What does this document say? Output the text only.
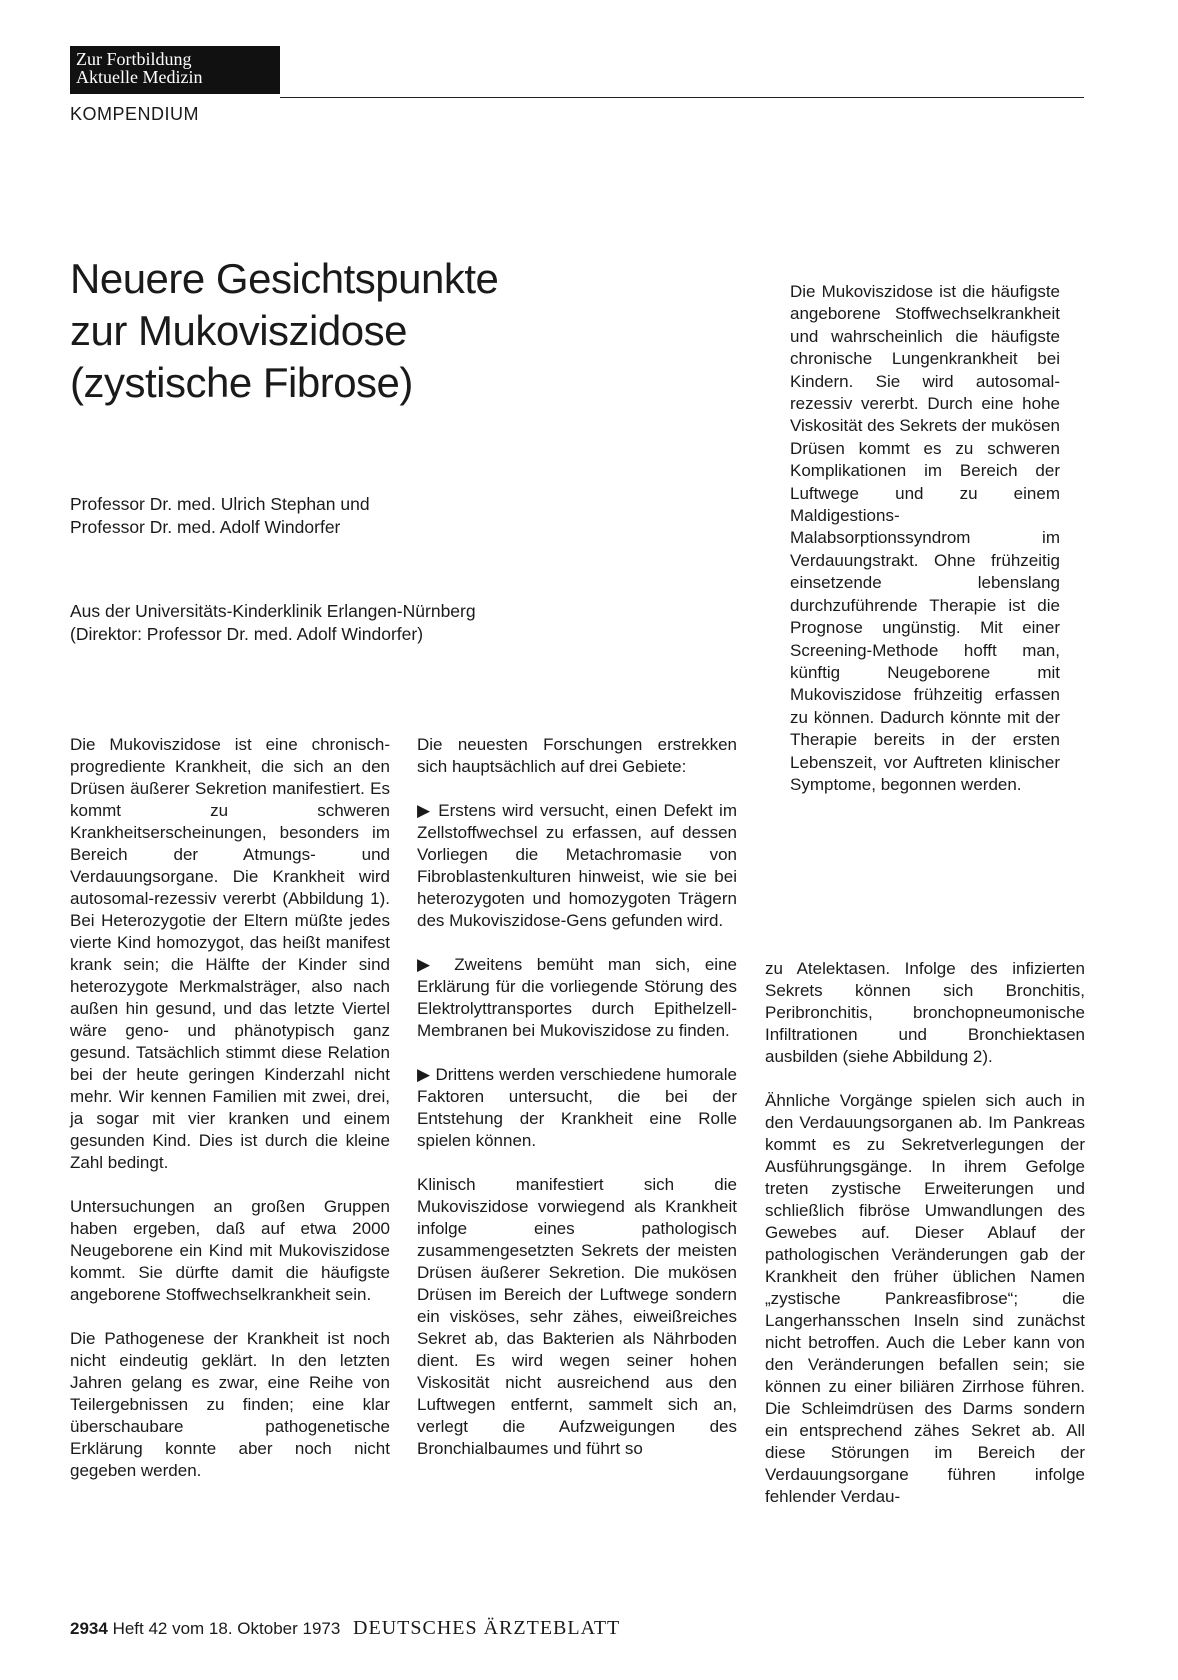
Zur Fortbildung
Aktuelle Medizin
KOMPENDIUM
Neuere Gesichtspunkte
zur Mukoviszidose
(zystische Fibrose)
Professor Dr. med. Ulrich Stephan und
Professor Dr. med. Adolf Windorfer
Aus der Universitäts-Kinderklinik Erlangen-Nürnberg
(Direktor: Professor Dr. med. Adolf Windorfer)
Die Mukoviszidose ist die häufigste angeborene Stoffwechselkrankheit und wahrscheinlich die häufigste chronische Lungenkrankheit bei Kindern. Sie wird autosomal-rezessiv vererbt. Durch eine hohe Viskosität des Sekrets der mukösen Drüsen kommt es zu schweren Komplikationen im Bereich der Luftwege und zu einem Maldigestions-Malabsorptionssyndrom im Verdauungstrakt. Ohne frühzeitig einsetzende lebenslang durchzuführende Therapie ist die Prognose ungünstig. Mit einer Screening-Methode hofft man, künftig Neugeborene mit Mukoviszidose frühzeitig erfassen zu können. Dadurch könnte mit der Therapie bereits in der ersten Lebenszeit, vor Auftreten klinischer Symptome, begonnen werden.

Die Mukoviszidose ist eine chronisch-progrediente Krankheit, die sich an den Drüsen äußerer Sekretion manifestiert. Es kommt zu schweren Krankheitserscheinungen, besonders im Bereich der Atmungs- und Verdauungsorgane. Die Krankheit wird autosomal-rezessiv vererbt (Abbildung 1). Bei Heterozygotie der Eltern müßte jedes vierte Kind homozygot, das heißt manifest krank sein; die Hälfte der Kinder sind heterozygote Merkmalsträger, also nach außen hin gesund, und das letzte Viertel wäre geno- und phänotypisch ganz gesund. Tatsächlich stimmt diese Relation bei der heute geringen Kinderzahl nicht mehr. Wir kennen Familien mit zwei, drei, ja sogar mit vier kranken und einem gesunden Kind. Dies ist durch die kleine Zahl bedingt.

Untersuchungen an großen Gruppen haben ergeben, daß auf etwa 2000 Neugeborene ein Kind mit Mukoviszidose kommt. Sie dürfte damit die häufigste angeborene Stoffwechselkrankheit sein.

Die Pathogenese der Krankheit ist noch nicht eindeutig geklärt. In den letzten Jahren gelang es zwar, eine Reihe von Teilergebnissen zu finden; eine klar überschaubare pathogenetische Erklärung konnte aber noch nicht gegeben werden.

Die neuesten Forschungen erstrekken sich hauptsächlich auf drei Gebiete:

▶ Erstens wird versucht, einen Defekt im Zellstoffwechsel zu erfassen, auf dessen Vorliegen die Metachromasie von Fibroblastenkulturen hinweist, wie sie bei heterozygoten und homozygoten Trägern des Mukoviszidose-Gens gefunden wird.

▶ Zweitens bemüht man sich, eine Erklärung für die vorliegende Störung des Elektrolyttransportes durch Epithelzell-Membranen bei Mukoviszidose zu finden.

▶ Drittens werden verschiedene humorale Faktoren untersucht, die bei der Entstehung der Krankheit eine Rolle spielen können.

Klinisch manifestiert sich die Mukoviszidose vorwiegend als Krankheit infolge eines pathologisch zusammengesetzten Sekrets der meisten Drüsen äußerer Sekretion. Die mukösen Drüsen im Bereich der Luftwege sondern ein visköses, sehr zähes, eiweißreiches Sekret ab, das Bakterien als Nährboden dient. Es wird wegen seiner hohen Viskosität nicht ausreichend aus den Luftwegen entfernt, sammelt sich an, verlegt die Aufzweigungen des Bronchialbaumes und führt so

zu Atelektasen. Infolge des infizierten Sekrets können sich Bronchitis, Peribronchitis, bronchopneumonische Infiltrationen und Bronchiektasen ausbilden (siehe Abbildung 2).

Ähnliche Vorgänge spielen sich auch in den Verdauungsorganen ab. Im Pankreas kommt es zu Sekretverlegungen der Ausführungsgänge. In ihrem Gefolge treten zystische Erweiterungen und schließlich fibröse Umwandlungen des Gewebes auf. Dieser Ablauf der pathologischen Veränderungen gab der Krankheit den früher üblichen Namen „zystische Pankreasfibrose“; die Langerhansschen Inseln sind zunächst nicht betroffen. Auch die Leber kann von den Veränderungen befallen sein; sie können zu einer biliären Zirrhose führen. Die Schleimdrüsen des Darms sondern ein entsprechend zähes Sekret ab. All diese Störungen im Bereich der Verdauungsorgane führen infolge fehlender Verdau-

2934 Heft 42 vom 18. Oktober 1973 DEUTSCHES ÄRZTEBLATT
